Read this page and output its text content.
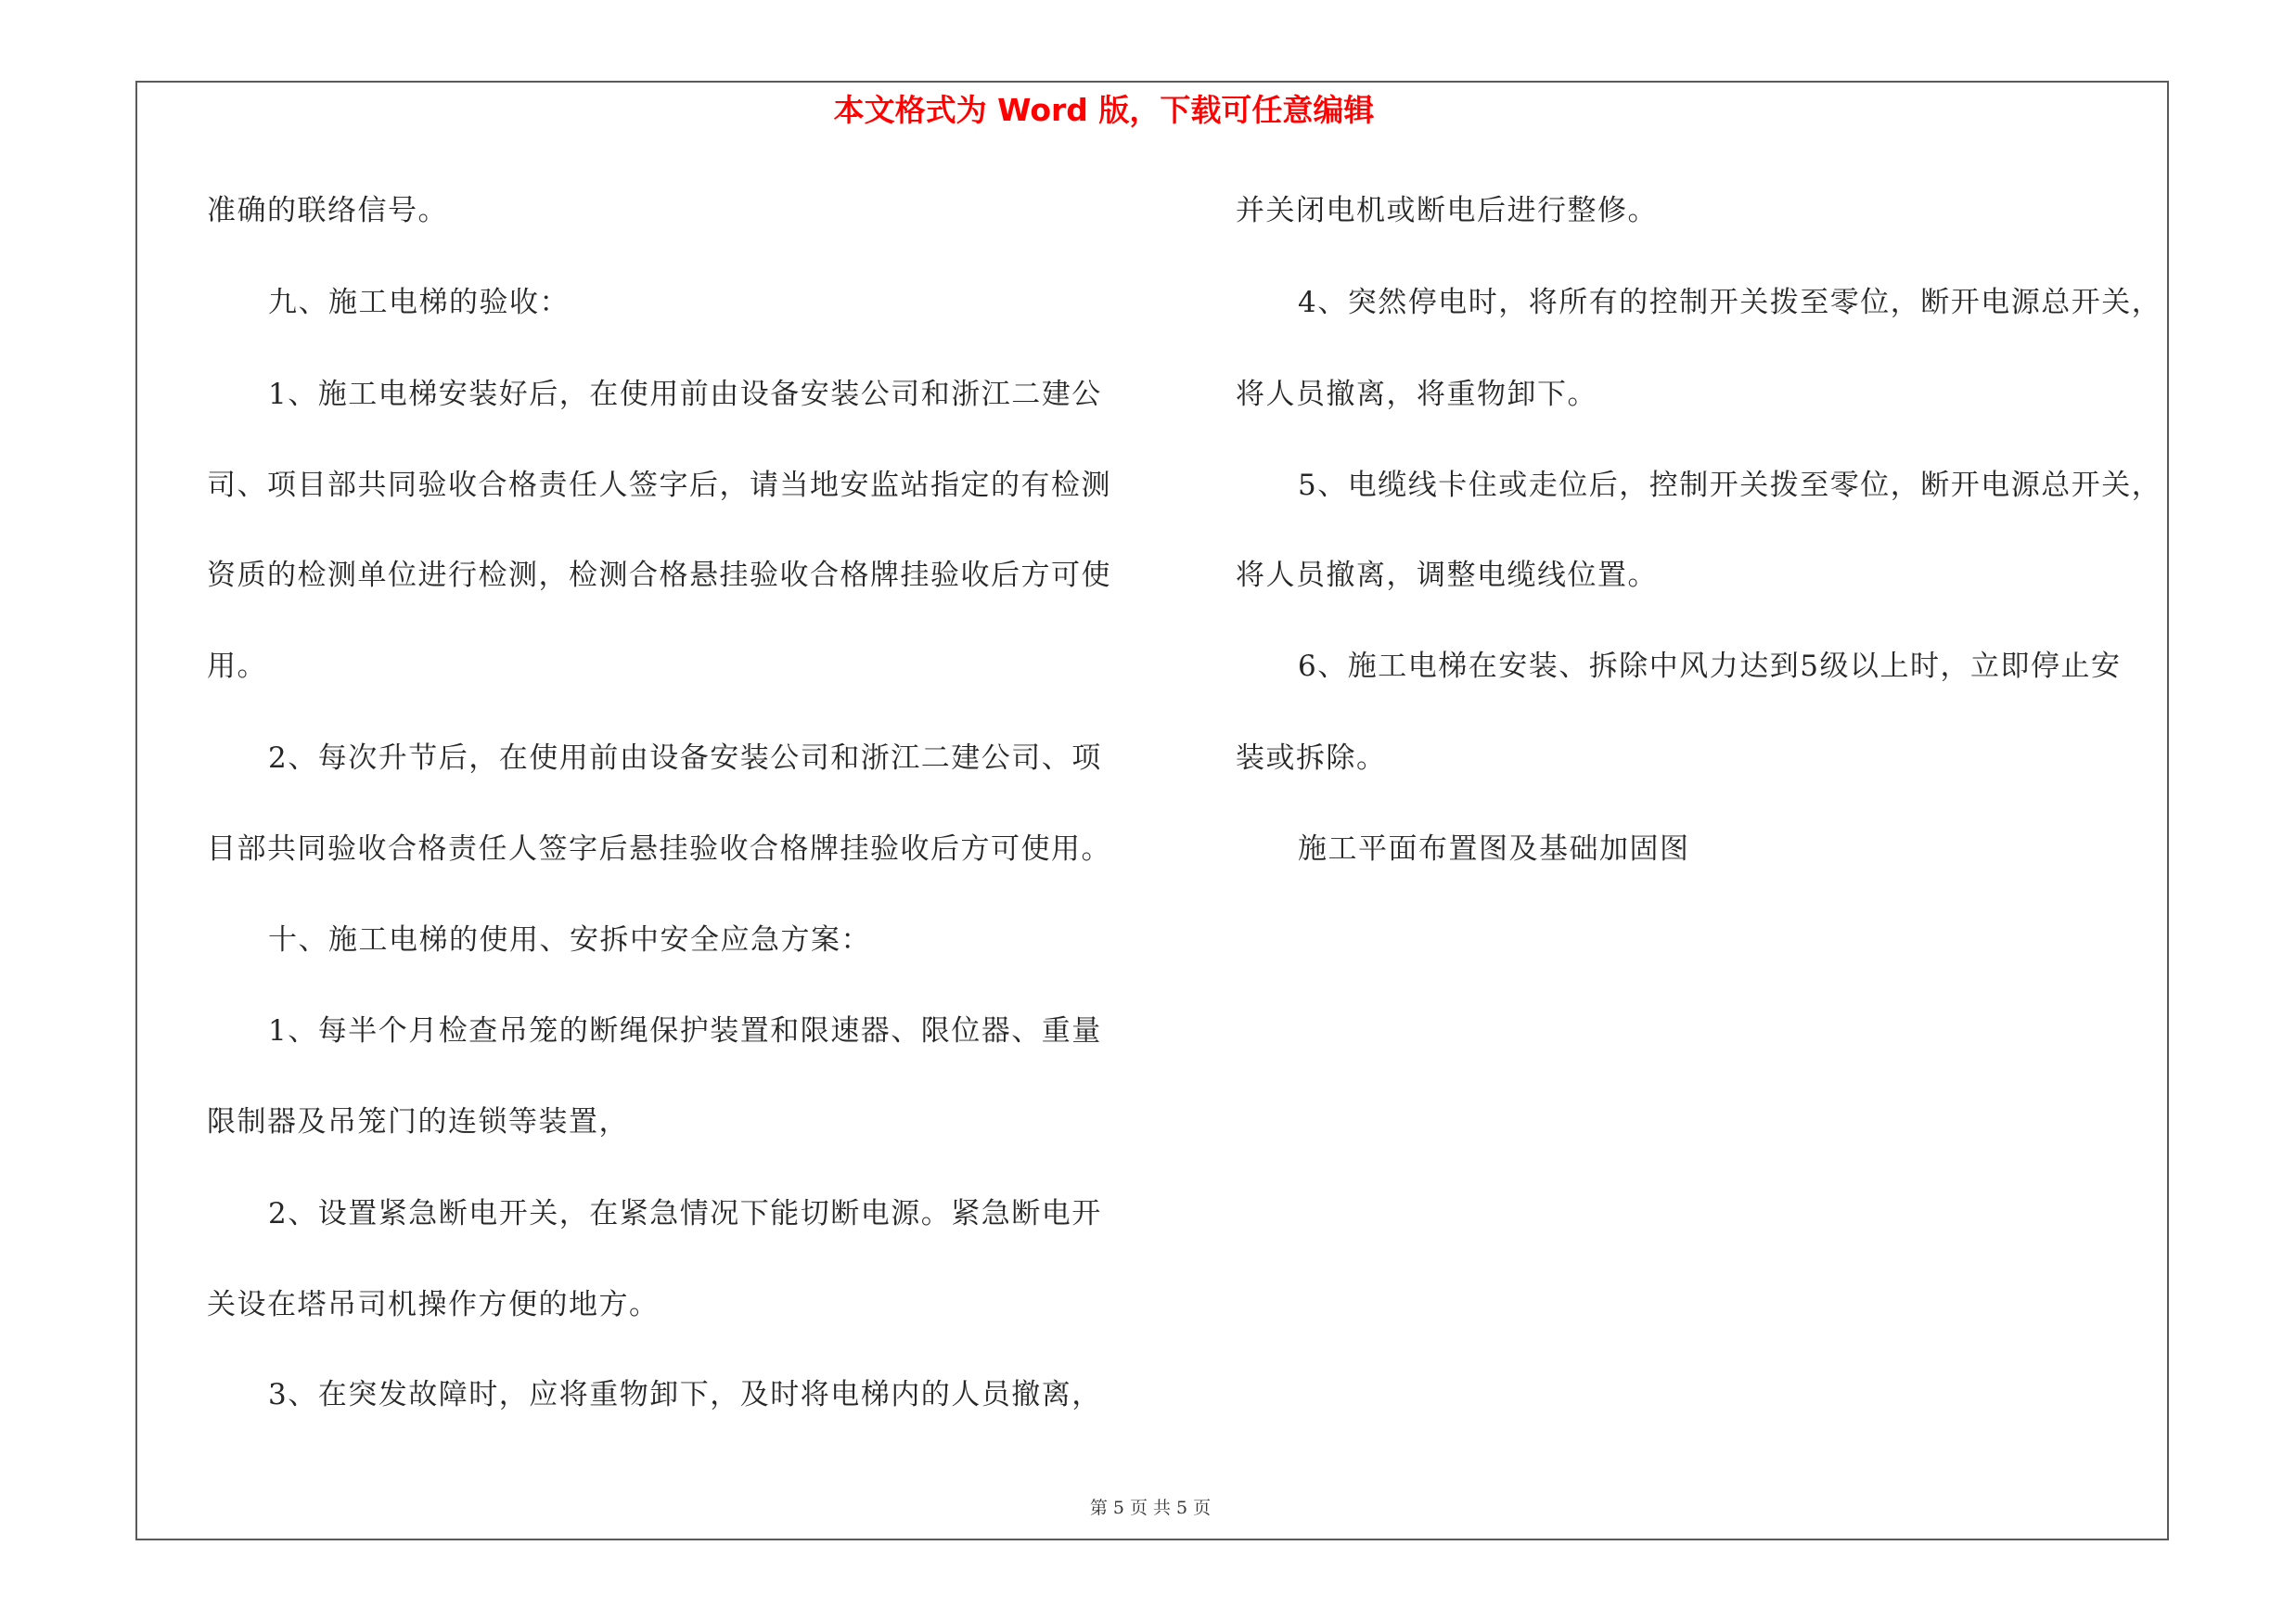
本文格式为 Word 版，下载可任意编辑
准确的联络信号。
九、施工电梯的验收：
1、施工电梯安装好后，在使用前由设备安装公司和浙江二建公
司、项目部共同验收合格责任人签字后，请当地安监站指定的有检测
资质的检测单位进行检测，检测合格悬挂验收合格牌挂验收后方可使
用。
2、每次升节后，在使用前由设备安装公司和浙江二建公司、项
目部共同验收合格责任人签字后悬挂验收合格牌挂验收后方可使用。
十、施工电梯的使用、安拆中安全应急方案：
1、每半个月检查吊笼的断绳保护装置和限速器、限位器、重量
限制器及吊笼门的连锁等装置，
2、设置紧急断电开关，在紧急情况下能切断电源。紧急断电开
关设在塔吊司机操作方便的地方。
3、在突发故障时，应将重物卸下，及时将电梯内的人员撤离，
并关闭电机或断电后进行整修。
4、突然停电时，将所有的控制开关拨至零位，断开电源总开关，
将人员撤离，将重物卸下。
5、电缆线卡住或走位后，控制开关拨至零位，断开电源总开关，
将人员撤离，调整电缆线位置。
6、施工电梯在安装、拆除中风力达到5级以上时，立即停止安
装或拆除。
施工平面布置图及基础加固图
第 5 页 共 5 页
